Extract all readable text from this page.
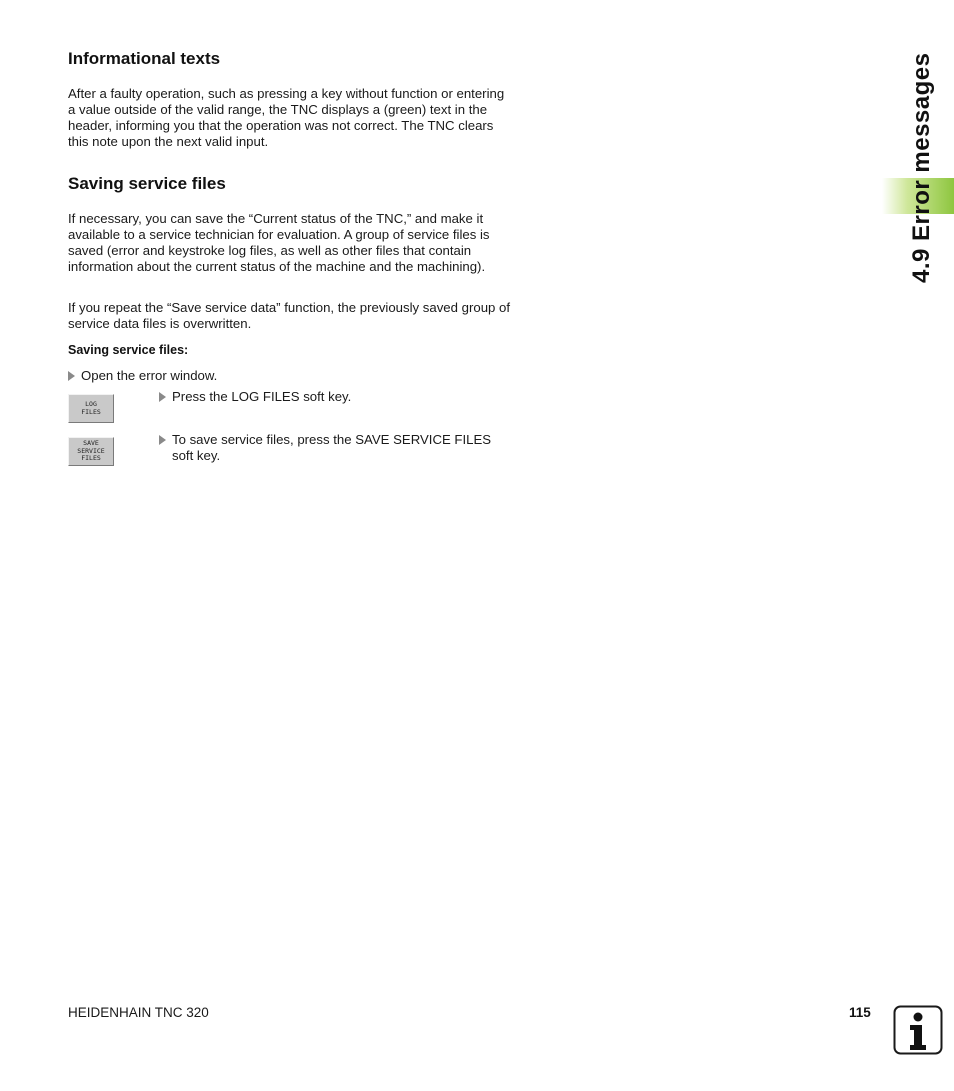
Informational texts

After a faulty operation, such as pressing a key without function or entering a value outside of the valid range, the TNC displays a (green) text in the header, informing you that the operation was not correct. The TNC clears this note upon the next valid input.

Saving service files

If necessary, you can save the “Current status of the TNC,” and make it available to a service technician for evaluation. A group of service files is saved (error and keystroke log files, as well as other files that contain information about the current status of the machine and the machining).

If you repeat the “Save service data” function, the previously saved group of service data files is overwritten.

Saving service files:
Open the error window.
LOG
FILES
Press the LOG FILES soft key.
SAVE
SERVICE
FILES
To save service files, press the SAVE SERVICE FILES
soft key.
4.9 Error messages
HEIDENHAIN TNC 320	115
